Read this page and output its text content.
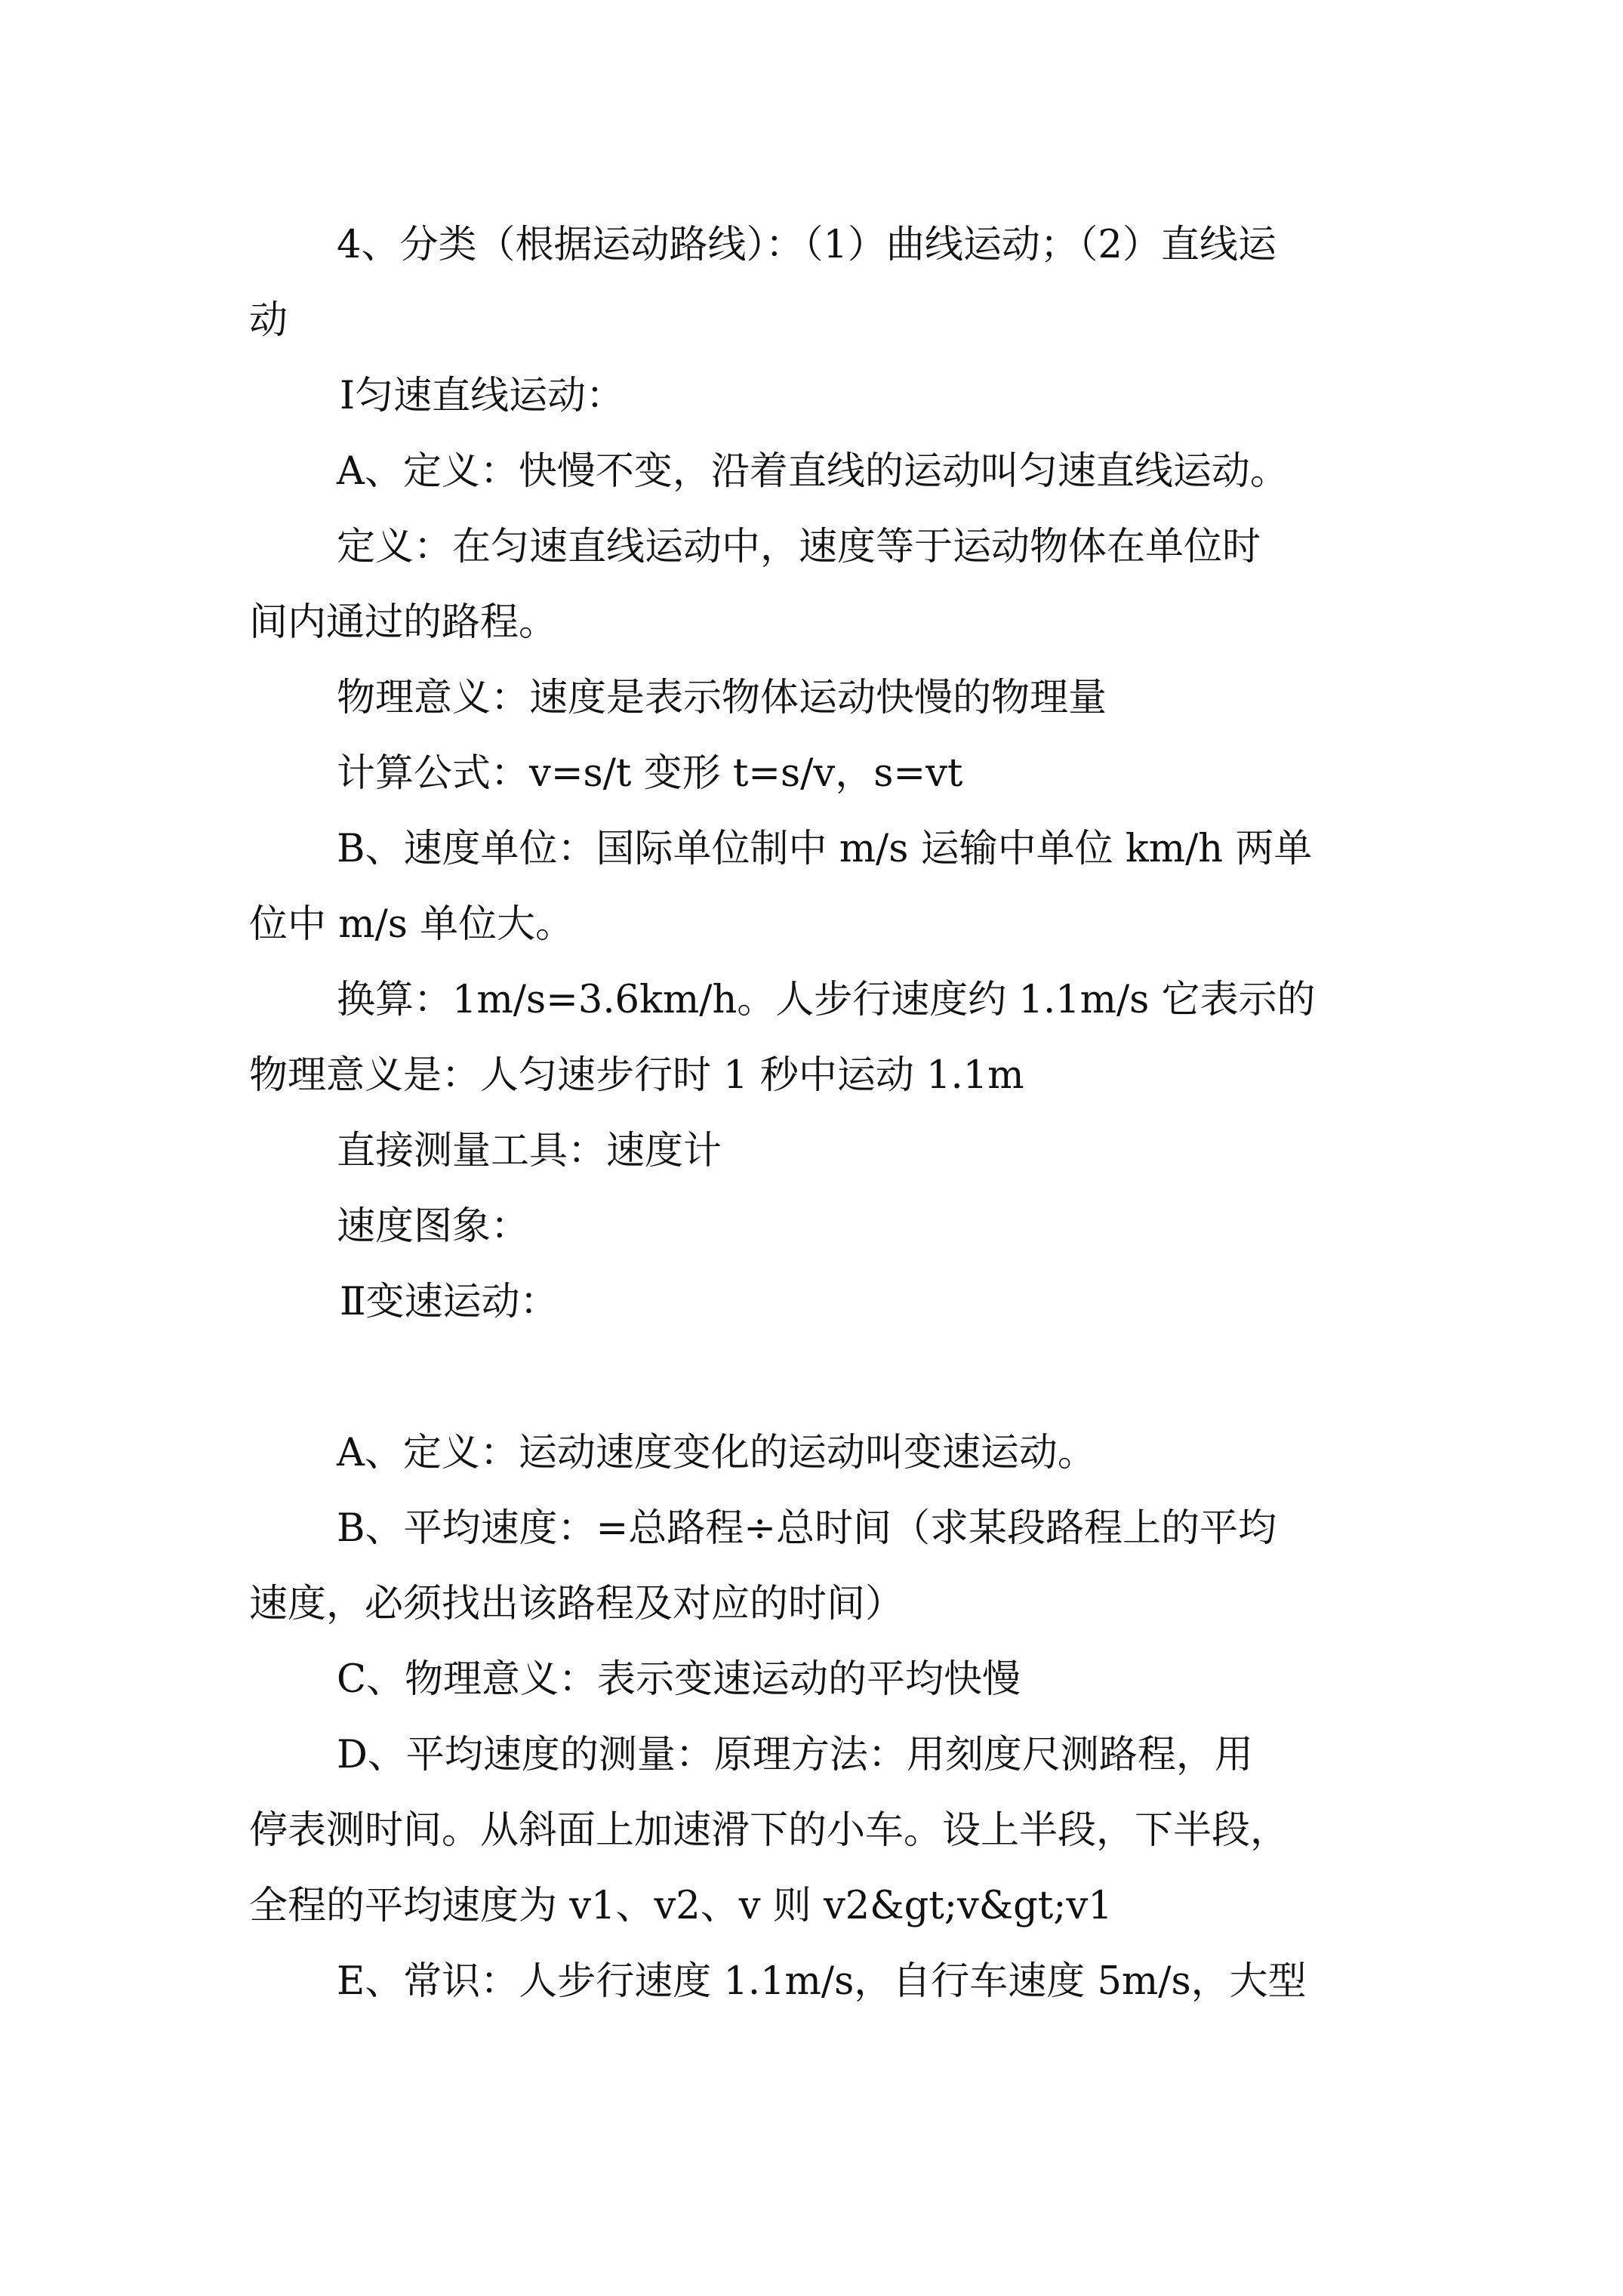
4、分类（根据运动路线）：（1）曲线运动；（2）直线运
动
Ⅰ匀速直线运动：
A、定义：快慢不变，沿着直线的运动叫匀速直线运动。
定义：在匀速直线运动中，速度等于运动物体在单位时
间内通过的路程。
物理意义：速度是表示物体运动快慢的物理量
计算公式：v=s/t 变形 t=s/v，s=vt
B、速度单位：国际单位制中 m/s 运输中单位 km/h 两单
位中 m/s 单位大。
换算：1m/s=3.6km/h。人步行速度约 1.1m/s 它表示的
物理意义是：人匀速步行时 1 秒中运动 1.1m
直接测量工具：速度计
速度图象：
Ⅱ变速运动：
A、定义：运动速度变化的运动叫变速运动。
B、平均速度：=总路程÷总时间（求某段路程上的平均
速度，必须找出该路程及对应的时间）
C、物理意义：表示变速运动的平均快慢
D、平均速度的测量：原理方法：用刻度尺测路程，用
停表测时间。从斜面上加速滑下的小车。设上半段，下半段，
全程的平均速度为 v1、v2、v 则 v2&gt;v&gt;v1
E、常识：人步行速度 1.1m/s，自行车速度 5m/s，大型
